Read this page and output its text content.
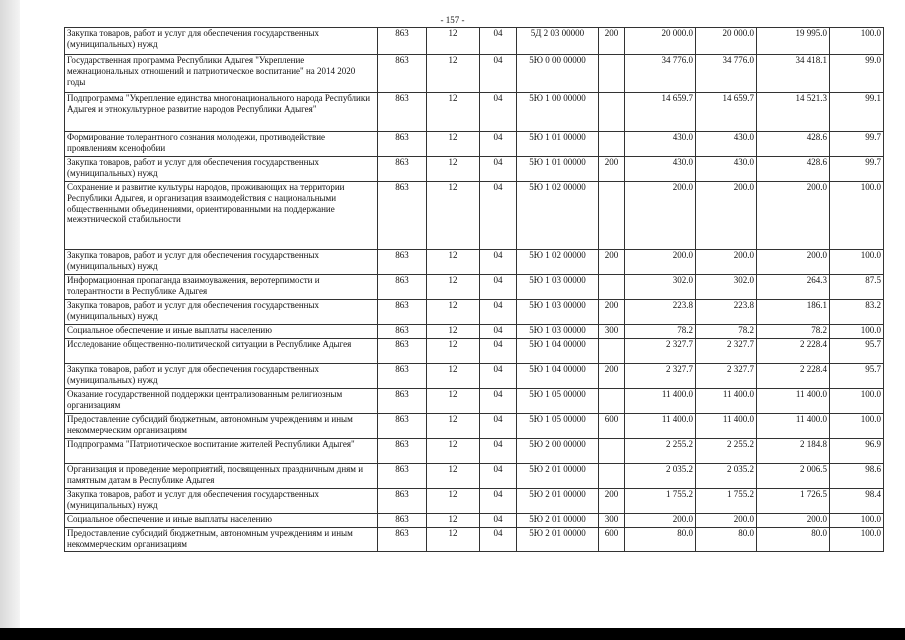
- 157 -
Закупка товаров, работ и услуг для обеспечения государственных (муниципальных) нужд	863	12	04	5Д 2 03 00000	200	20 000.0	20 000.0	19 995.0	100.0
Государственная программа Республики Адыгея "Укрепление межнациональных отношений и патриотическое воспитание" на 2014 2020 годы	863	12	04	5Ю 0 00 00000		34 776.0	34 776.0	34 418.1	99.0
Подпрограмма "Укрепление единства многонационального народа Республики Адыгея и этнокультурное развитие народов Республики Адыгея"	863	12	04	5Ю 1 00 00000		14 659.7	14 659.7	14 521.3	99.1
Формирование толерантного сознания молодежи, противодействие проявлениям ксенофобии	863	12	04	5Ю 1 01 00000		430.0	430.0	428.6	99.7
Закупка товаров, работ и услуг для обеспечения государственных (муниципальных) нужд	863	12	04	5Ю 1 01 00000	200	430.0	430.0	428.6	99.7
Сохранение и развитие культуры народов, проживающих на территории Республики Адыгея, и организация взаимодействия с национальными общественными объединениями, ориентированными на поддержание межэтнической стабильности	863	12	04	5Ю 1 02 00000		200.0	200.0	200.0	100.0
Закупка товаров, работ и услуг для обеспечения государственных (муниципальных) нужд	863	12	04	5Ю 1 02 00000	200	200.0	200.0	200.0	100.0
Информационная пропаганда взаимоуважения, веротерпимости и толерантности в Республике Адыгея	863	12	04	5Ю 1 03 00000		302.0	302.0	264.3	87.5
Закупка товаров, работ и услуг для обеспечения государственных (муниципальных) нужд	863	12	04	5Ю 1 03 00000	200	223.8	223.8	186.1	83.2
Социальное обеспечение и иные выплаты населению	863	12	04	5Ю 1 03 00000	300	78.2	78.2	78.2	100.0
Исследование общественно-политической ситуации в Республике Адыгея	863	12	04	5Ю 1 04 00000		2 327.7	2 327.7	2 228.4	95.7
Закупка товаров, работ и услуг для обеспечения государственных (муниципальных) нужд	863	12	04	5Ю 1 04 00000	200	2 327.7	2 327.7	2 228.4	95.7
Оказание государственной поддержки централизованным религиозным организациям	863	12	04	5Ю 1 05 00000		11 400.0	11 400.0	11 400.0	100.0
Предоставление субсидий бюджетным, автономным учреждениям и иным некоммерческим организациям	863	12	04	5Ю 1 05 00000	600	11 400.0	11 400.0	11 400.0	100.0
Подпрограмма "Патриотическое воспитание жителей Республики Адыгея"	863	12	04	5Ю 2 00 00000		2 255.2	2 255.2	2 184.8	96.9
Организация и проведение мероприятий, посвященных праздничным дням и памятным датам в Республике Адыгея	863	12	04	5Ю 2 01 00000		2 035.2	2 035.2	2 006.5	98.6
Закупка товаров, работ и услуг для обеспечения государственных (муниципальных) нужд	863	12	04	5Ю 2 01 00000	200	1 755.2	1 755.2	1 726.5	98.4
Социальное обеспечение и иные выплаты населению	863	12	04	5Ю 2 01 00000	300	200.0	200.0	200.0	100.0
Предоставление субсидий бюджетным, автономным учреждениям и иным некоммерческим организациям	863	12	04	5Ю 2 01 00000	600	80.0	80.0	80.0	100.0
